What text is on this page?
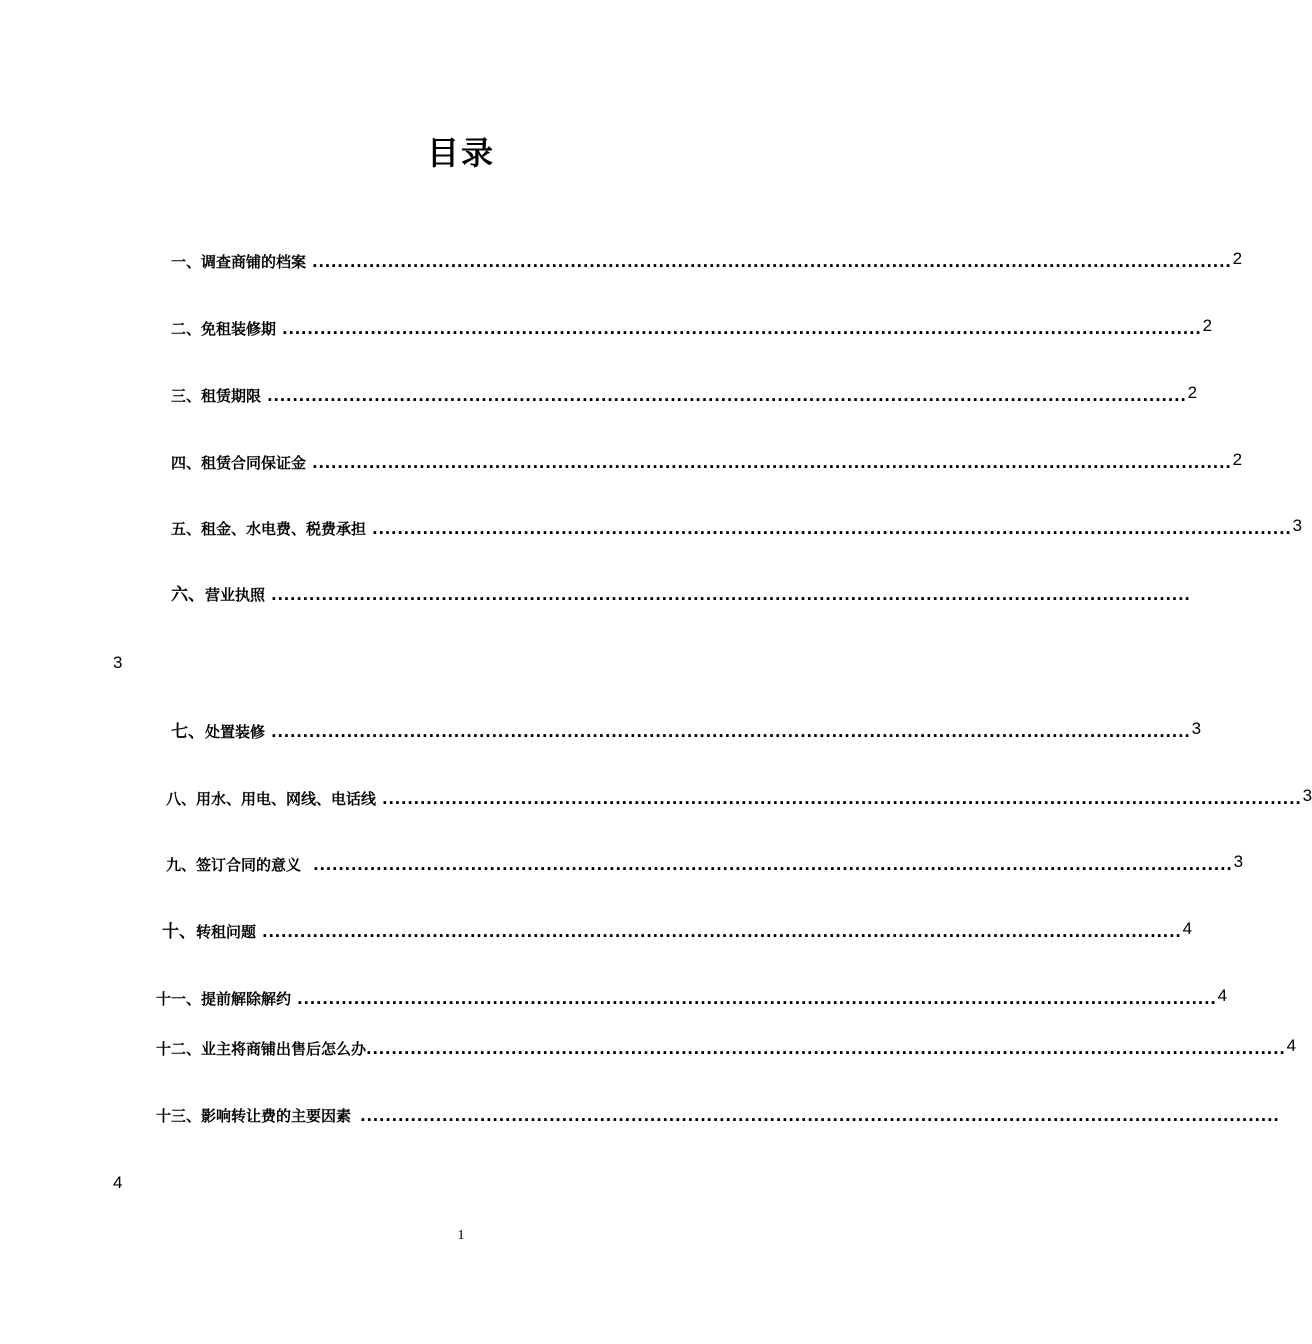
目录
一、调查商铺的档案 .................................................................................................................................................. 2
二、免租装修期 .................................................................................................................................................. 2
三、租赁期限 .................................................................................................................................................. 2
四、租赁合同保证金 .................................................................................................................................................. 2
五、租金、水电费、税费承担 .................................................................................................................................................. 3
六、营业执照 ..................................................................................................................................................
3
七、处置装修 .................................................................................................................................................. 3
八、用水、用电、网线、电话线 .................................................................................................................................................. 3
九、签订合同的意义 .................................................................................................................................................. 3
十、转租问题 .................................................................................................................................................. 4
十一、提前解除解约 .................................................................................................................................................. 4
十二、业主将商铺出售后怎么办 .................................................................................................................................................. 4
十三、影响转让费的主要因素 ..................................................................................................................................................
4
1
